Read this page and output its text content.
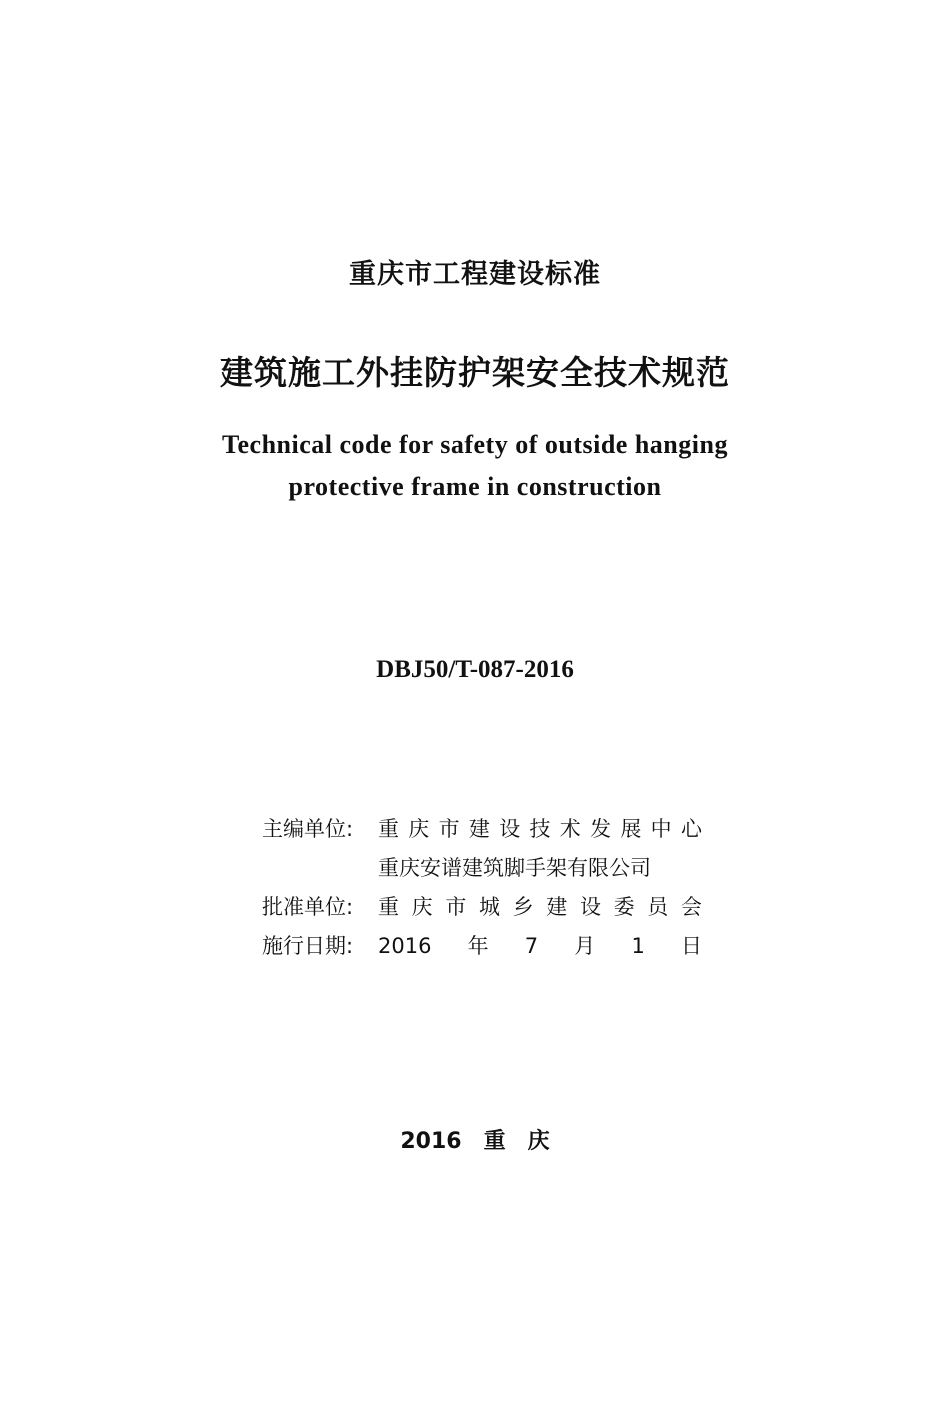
重庆市工程建设标准
建筑施工外挂防护架安全技术规范
Technical code for safety of outside hanging
protective frame in construction
DBJ50/T-087-2016
主编单位:	重 庆 市 建 设 技 术 发 展 中 心
重庆安谱建筑脚手架有限公司
批准单位:	重 庆 市 城 乡 建 设 委 员 会
施行日期:	2016 年 7 月 1 日
2016 重 庆
